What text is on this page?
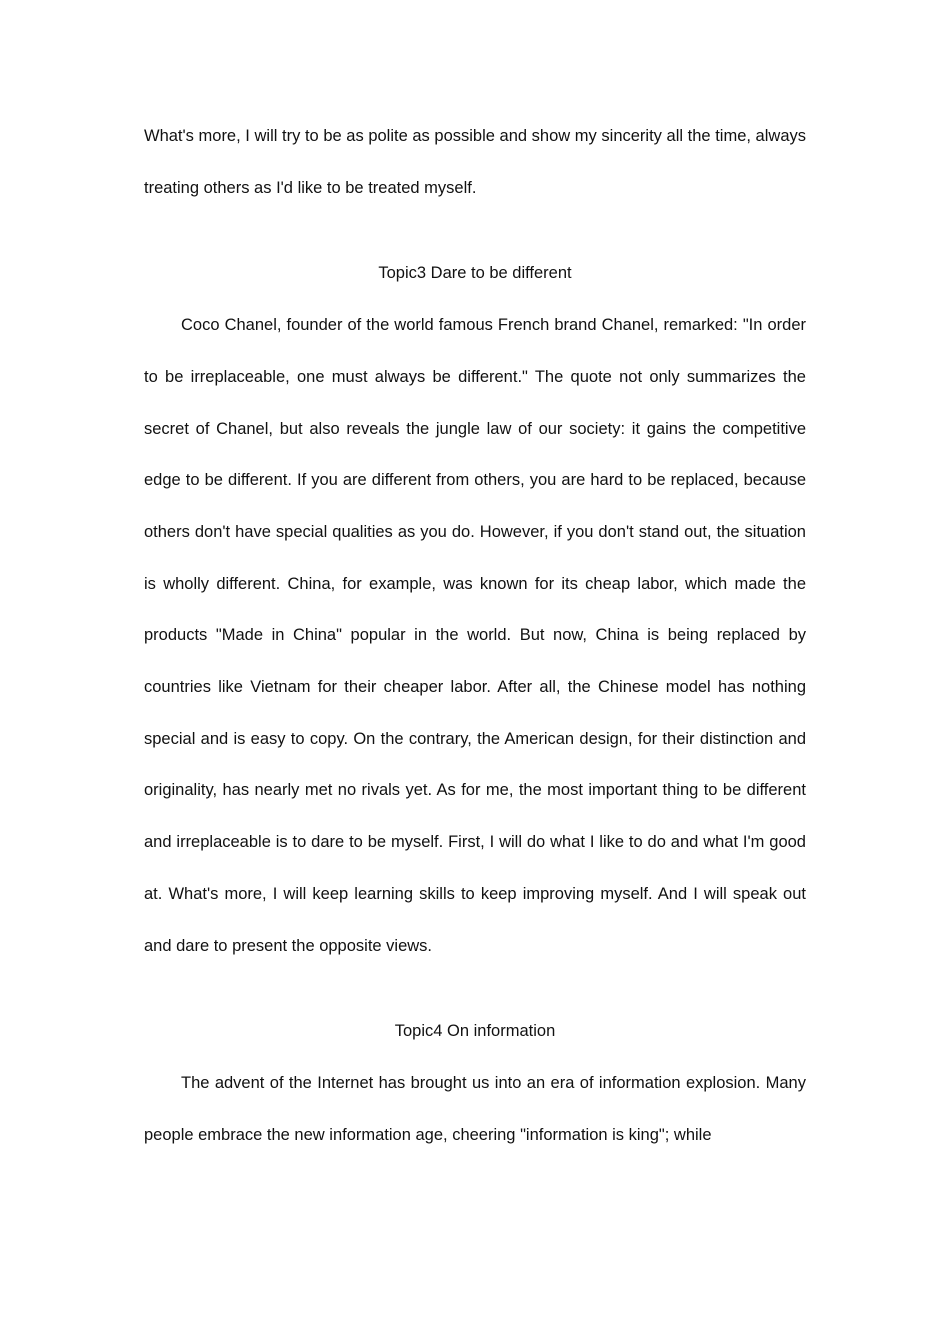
What's more, I will try to be as polite as possible and show my sincerity all the time, always treating others as I'd like to be treated myself.

Topic3 Dare to be different

Coco Chanel, founder of the world famous French brand Chanel, remarked: "In order to be irreplaceable, one must always be different." The quote not only summarizes the secret of Chanel, but also reveals the jungle law of our society: it gains the competitive edge to be different. If you are different from others, you are hard to be replaced, because others don't have special qualities as you do. However, if you don't stand out, the situation is wholly different. China, for example, was known for its cheap labor, which made the products "Made in China" popular in the world. But now, China is being replaced by countries like Vietnam for their cheaper labor. After all, the Chinese model has nothing special and is easy to copy. On the contrary, the American design, for their distinction and originality, has nearly met no rivals yet. As for me, the most important thing to be different and irreplaceable is to dare to be myself. First, I will do what I like to do and what I'm good at. What's more, I will keep learning skills to keep improving myself. And I will speak out and dare to present the opposite views.

Topic4 On information

The advent of the Internet has brought us into an era of information explosion. Many people embrace the new information age, cheering "information is king"; while
